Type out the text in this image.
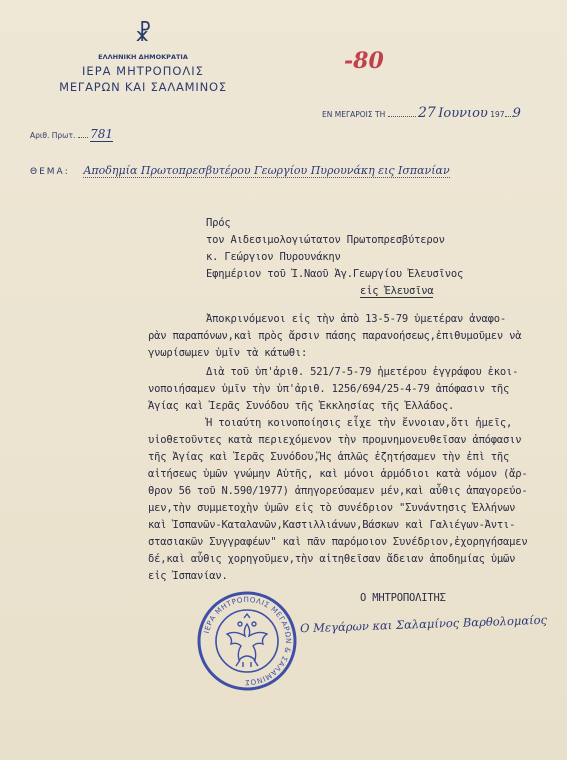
☧
ΕΛΛΗΝΙΚΗ ΔΗΜΟΚΡΑΤΙΑ
ΙΕΡΑ ΜΗΤΡΟΠΟΛΙΣ
ΜΕΓΑΡΩΝ ΚΑΙ ΣΑΛΑΜΙΝΟΣ
-80
ΕΝ ΜΕΓΑΡΟΙΣ ΤΗ 27 Ιουνιου 197 9
Αριθ. Πρωτ. 781
ΘΕΜΑ: Αποδημία Πρωτοπρεσβυτέρου Γεωργίου Πυρουνάκη εις Ισπανίαν
Πρός
τον Αιδεσιμολογιώτατον Πρωτοπρεσβύτερον
κ. Γεώργιον Πυρουνάκην
Εφημέριον τοῦ Ἱ.Ναοῦ Ἁγ.Γεωργίου Ἐλευσῖνος
εἰς Ἐλευσῖνα
Ἀποκρινόμενοι εἰς τὴν ἀπὸ 13-5-79 ὑμετέραν ἀναφο-
ρὰν παραπόνων,καὶ πρὸς ἄρσιν πάσης παρανοήσεως,ἐπιθυμοῦμεν νὰ
γνωρίσωμεν ὑμῖν τὰ κάτωθι:
Διὰ τοῦ ὑπ'ἀριθ. 521/7-5-79 ἡμετέρου ἐγγράφου ἐκοι-
νοποιήσαμεν ὑμῖν τὴν ὑπ'ἀριθ. 1256/694/25-4-79 ἀπόφασιν τῆς
Ἁγίας καὶ Ἱερᾶς Συνόδου τῆς Ἐκκλησίας τῆς Ἑλλάδος.
Ἡ τοιαύτη κοινοποίησις εἶχε τὴν ἔννοιαν,ὅτι ἡμεῖς,
υἱοθετοῦντες κατὰ περιεχόμενον τὴν προμνημονευθεῖσαν ἀπόφασιν
τῆς Ἁγίας καὶ Ἱερᾶς Συνόδου,Ἥς ἁπλῶς ἐζητήσαμεν τὴν ἐπὶ τῆς
αἰτήσεως ὑμῶν γνώμην Αὐτῆς, καὶ μόνοι ἁρμόδιοι κατὰ νόμον (ἄρ-
θρον 56 τοῦ Ν.590/1977) ἀπηγορεύσαμεν μέν,καὶ αὖθις ἀπαγορεύο-
μεν,τὴν συμμετοχὴν ὑμῶν εἰς τὸ συνέδριον "Συνάντησις Ἑλλήνων
καὶ Ἱσπανῶν-Καταλανῶν,Καστιλλιάνων,Βάσκων καὶ Γαλιέγων-Ἀντι-
στασιακῶν Συγγραφέων" καὶ πᾶν παρόμοιον Συνέδριον,ἐχορηγήσαμεν
δέ,καὶ αὖθις χορηγοῦμεν,τὴν αἰτηθεῖσαν ἄδειαν ἀποδημίας ὑμῶν
εἰς Ἱσπανίαν.
Ο ΜΗΤΡΟΠΟΛΙΤΗΣ
Ο Μεγάρων και Σαλαμίνος Βαρθολομαίος
ΙΕΡΑ ΜΗΤΡΟΠΟΛΙΣ ΜΕΓΑΡΩΝ & ΣΑΛΑΜΙΝΟΣ
